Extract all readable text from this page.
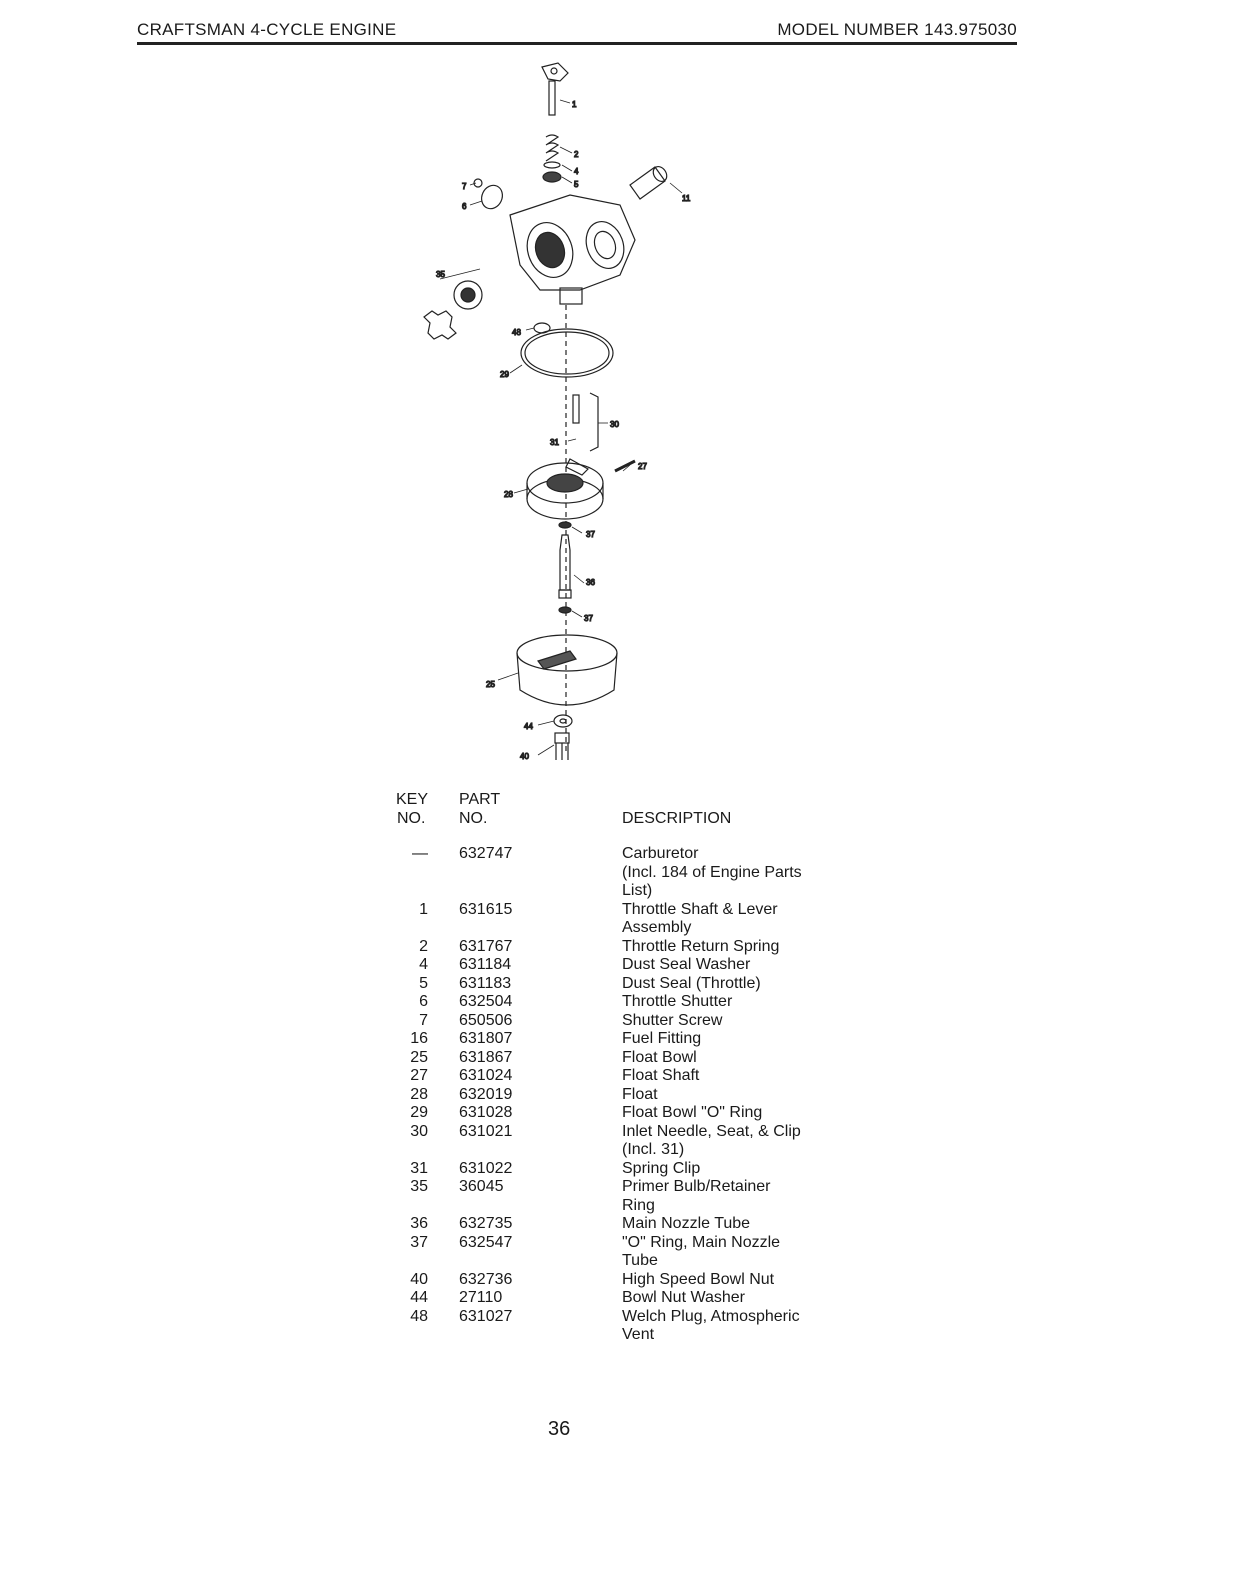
CRAFTSMAN 4-CYCLE ENGINE	MODEL NUMBER 143.975030
1
2
4
5
7
6
11
35
48
29
30
31
27
28
37
36
37
25
44
40
KEY
NO.
PART
NO.	DESCRIPTION
— 632747	Carburetor
(Incl. 184 of Engine Parts
List)
1 631615	Throttle Shaft & Lever
Assembly
2 631767	Throttle Return Spring
4 631184	Dust Seal Washer
5 631183	Dust Seal (Throttle)
6 632504	Throttle Shutter
7 650506	Shutter Screw
16 631807	Fuel Fitting
25 631867	Float Bowl
27 631024	Float Shaft
28 632019	Float
29 631028	Float Bowl "O" Ring
30 631021	Inlet Needle, Seat, & Clip
(Incl. 31)
31 631022	Spring Clip
35 36045	Primer Bulb/Retainer
Ring
36 632735	Main Nozzle Tube
37 632547	"O" Ring, Main Nozzle
Tube
40 632736	High Speed Bowl Nut
44 27110	Bowl Nut Washer
48 631027	Welch Plug, Atmospheric
Vent
36
